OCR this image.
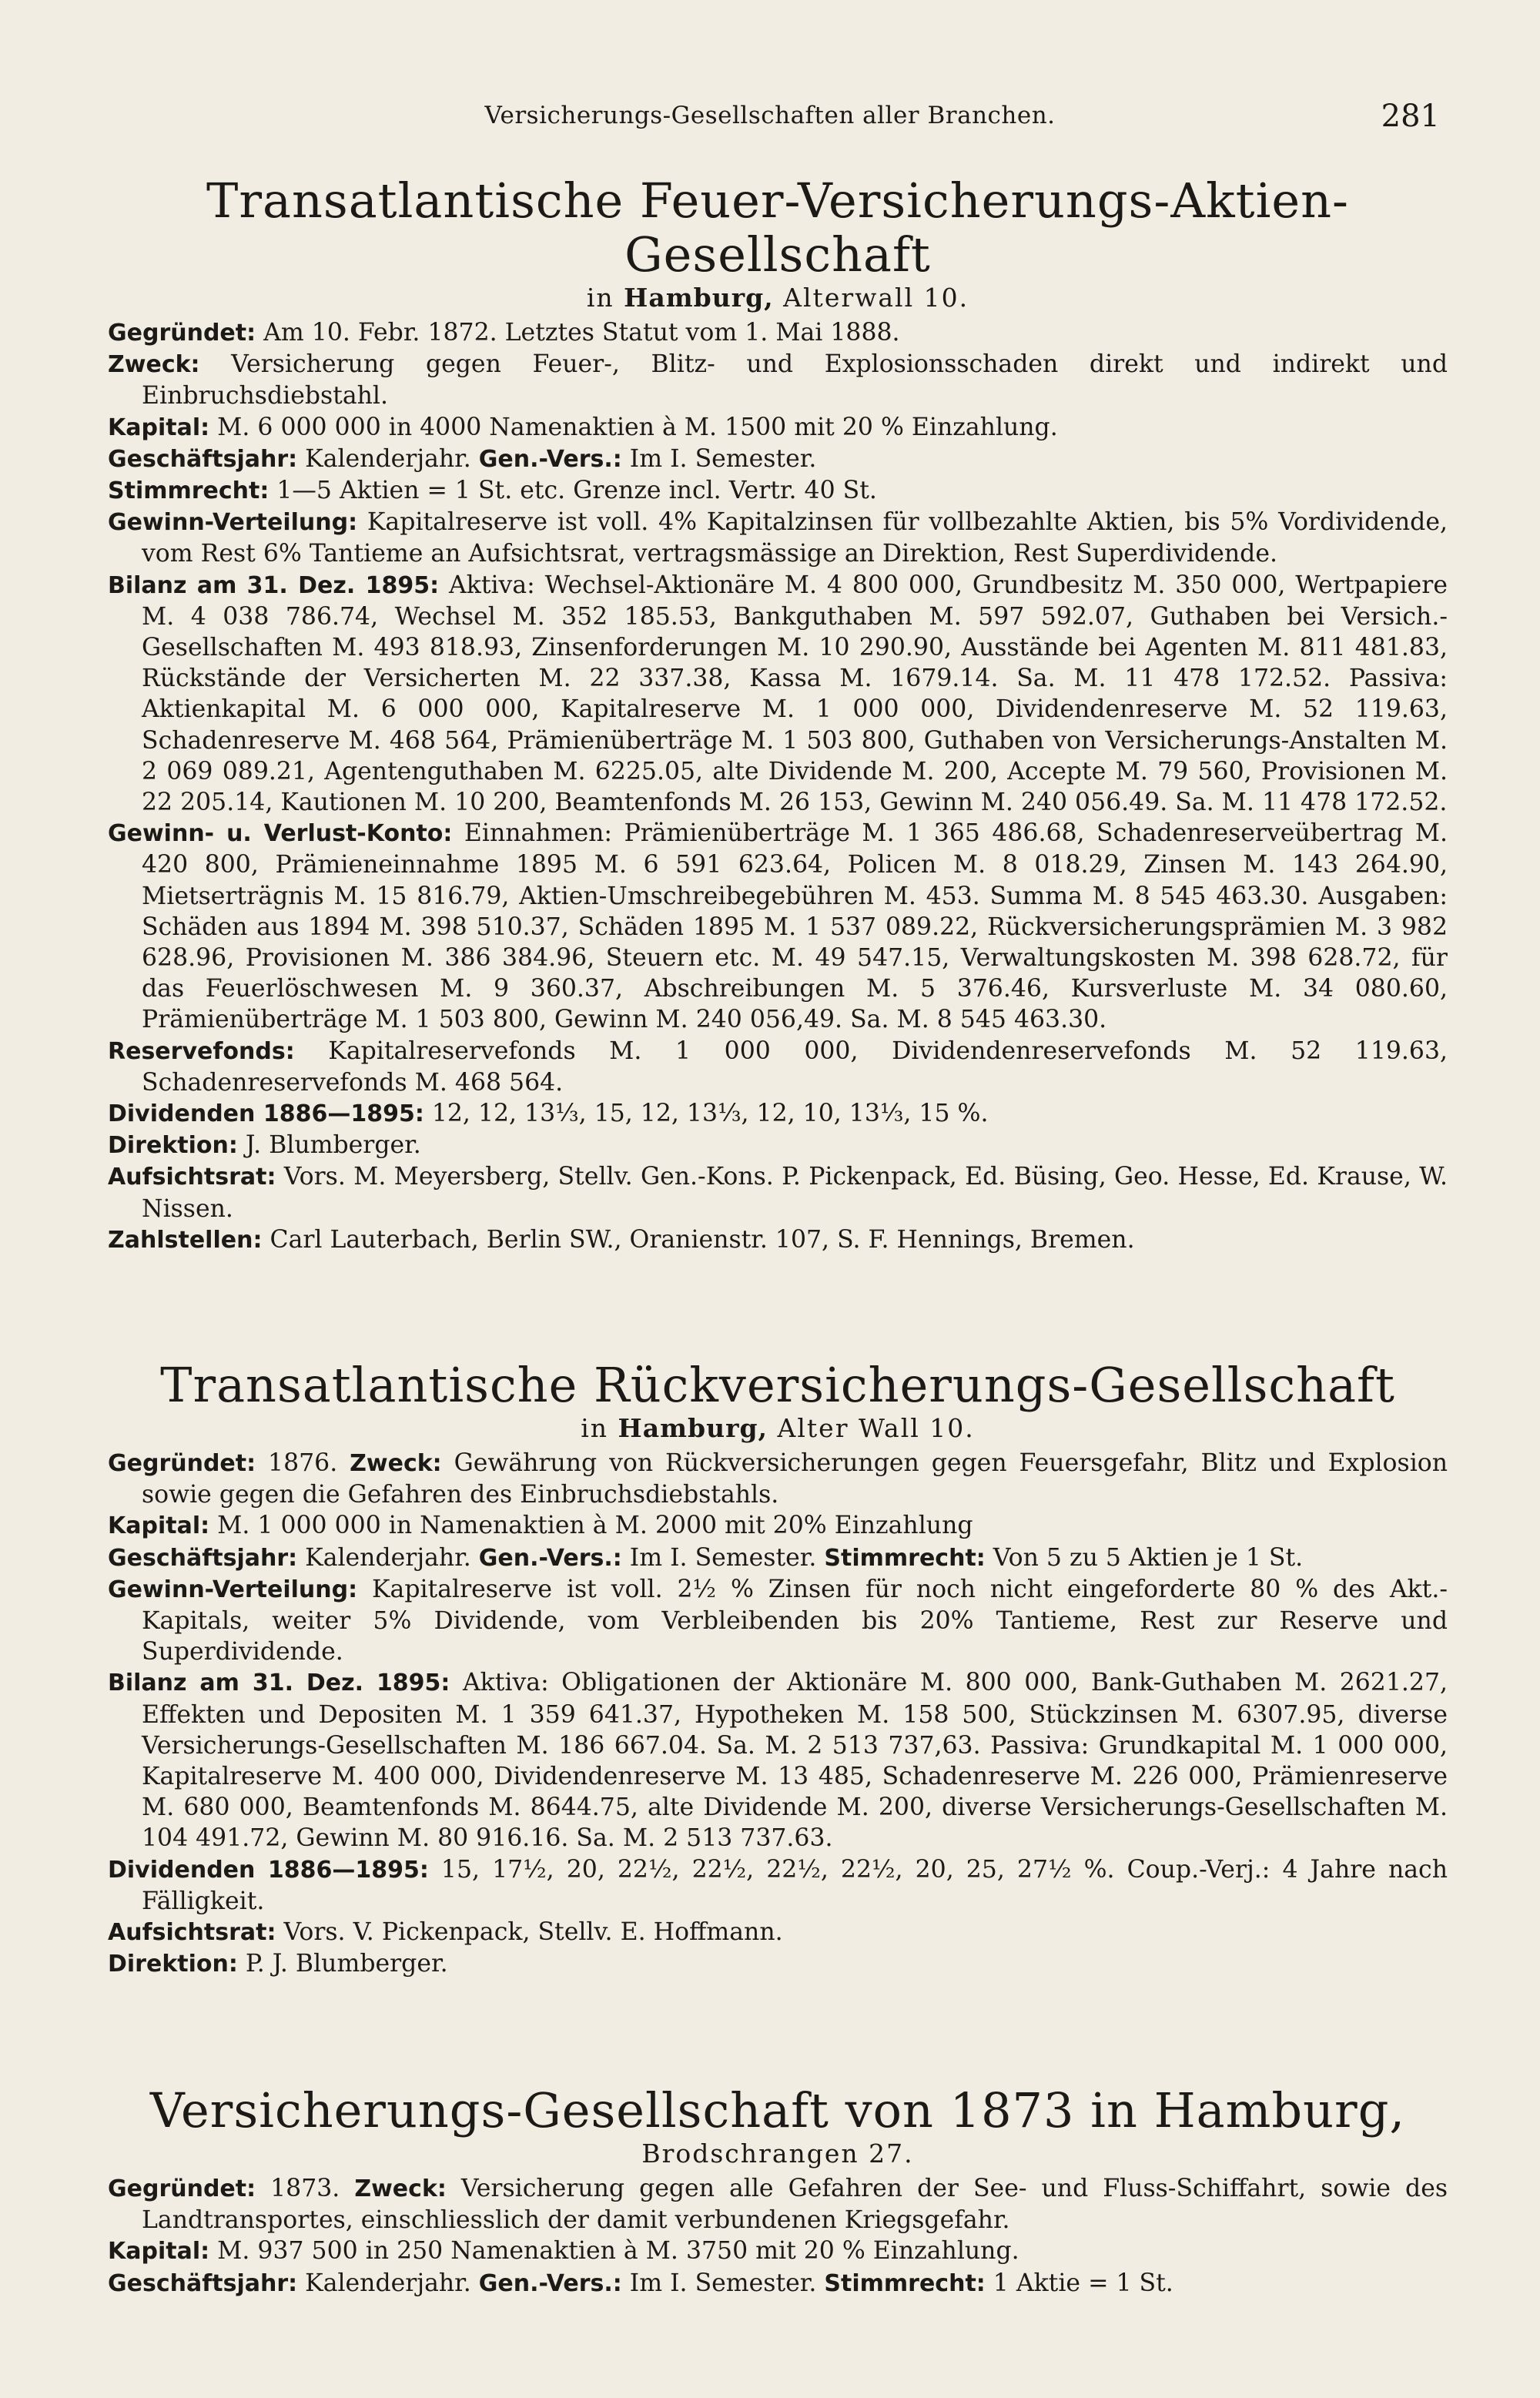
Versicherungs-Gesellschaften aller Branchen.	281
Transatlantische Feuer-Versicherungs-Aktien-Gesellschaft
in Hamburg, Alterwall 10.

Gegründet: Am 10. Febr. 1872. Letztes Statut vom 1. Mai 1888.

Zweck: Versicherung gegen Feuer-, Blitz- und Explosionsschaden direkt und indirekt und Einbruchsdiebstahl.

Kapital: M. 6 000 000 in 4000 Namenaktien à M. 1500 mit 20 % Einzahlung.

Geschäftsjahr: Kalenderjahr. Gen.-Vers.: Im I. Semester.

Stimmrecht: 1—5 Aktien = 1 St. etc. Grenze incl. Vertr. 40 St.

Gewinn-Verteilung: Kapitalreserve ist voll. 4% Kapitalzinsen für vollbezahlte Aktien, bis 5% Vordividende, vom Rest 6% Tantieme an Aufsichtsrat, vertragsmässige an Direktion, Rest Superdividende.

Bilanz am 31. Dez. 1895: Aktiva: Wechsel-Aktionäre M. 4 800 000, Grundbesitz M. 350 000, Wertpapiere M. 4 038 786.74, Wechsel M. 352 185.53, Bankguthaben M. 597 592.07, Guthaben bei Versich.-Gesellschaften M. 493 818.93, Zinsenforderungen M. 10 290.90, Ausstände bei Agenten M. 811 481.83, Rückstände der Versicherten M. 22 337.38, Kassa M. 1679.14. Sa. M. 11 478 172.52. Passiva: Aktienkapital M. 6 000 000, Kapitalreserve M. 1 000 000, Dividendenreserve M. 52 119.63, Schadenreserve M. 468 564, Prämienüberträge M. 1 503 800, Guthaben von Versicherungs-Anstalten M. 2 069 089.21, Agentenguthaben M. 6225.05, alte Dividende M. 200, Accepte M. 79 560, Provisionen M. 22 205.14, Kautionen M. 10 200, Beamtenfonds M. 26 153, Gewinn M. 240 056.49. Sa. M. 11 478 172.52.

Gewinn- u. Verlust-Konto: Einnahmen: Prämienüberträge M. 1 365 486.68, Schadenreserveübertrag M. 420 800, Prämieneinnahme 1895 M. 6 591 623.64, Policen M. 8 018.29, Zinsen M. 143 264.90, Mietserträgnis M. 15 816.79, Aktien-Umschreibegebühren M. 453. Summa M. 8 545 463.30. Ausgaben: Schäden aus 1894 M. 398 510.37, Schäden 1895 M. 1 537 089.22, Rückversicherungsprämien M. 3 982 628.96, Provisionen M. 386 384.96, Steuern etc. M. 49 547.15, Verwaltungskosten M. 398 628.72, für das Feuerlöschwesen M. 9 360.37, Abschreibungen M. 5 376.46, Kursverluste M. 34 080.60, Prämienüberträge M. 1 503 800, Gewinn M. 240 056,49. Sa. M. 8 545 463.30.

Reservefonds: Kapitalreservefonds M. 1 000 000, Dividendenreservefonds M. 52 119.63, Schadenreservefonds M. 468 564.

Dividenden 1886—1895: 12, 12, 13⅓, 15, 12, 13⅓, 12, 10, 13⅓, 15 %.

Direktion: J. Blumberger.

Aufsichtsrat: Vors. M. Meyersberg, Stellv. Gen.-Kons. P. Pickenpack, Ed. Büsing, Geo. Hesse, Ed. Krause, W. Nissen.

Zahlstellen: Carl Lauterbach, Berlin SW., Oranienstr. 107, S. F. Hennings, Bremen.

Transatlantische Rückversicherungs-Gesellschaft
in Hamburg, Alter Wall 10.

Gegründet: 1876. Zweck: Gewährung von Rückversicherungen gegen Feuersgefahr, Blitz und Explosion sowie gegen die Gefahren des Einbruchsdiebstahls.

Kapital: M. 1 000 000 in Namenaktien à M. 2000 mit 20% Einzahlung

Geschäftsjahr: Kalenderjahr. Gen.-Vers.: Im I. Semester. Stimmrecht: Von 5 zu 5 Aktien je 1 St.

Gewinn-Verteilung: Kapitalreserve ist voll. 2½ % Zinsen für noch nicht eingeforderte 80 % des Akt.-Kapitals, weiter 5% Dividende, vom Verbleibenden bis 20% Tantieme, Rest zur Reserve und Superdividende.

Bilanz am 31. Dez. 1895: Aktiva: Obligationen der Aktionäre M. 800 000, Bank-Guthaben M. 2621.27, Effekten und Depositen M. 1 359 641.37, Hypotheken M. 158 500, Stückzinsen M. 6307.95, diverse Versicherungs-Gesellschaften M. 186 667.04. Sa. M. 2 513 737,63. Passiva: Grundkapital M. 1 000 000, Kapitalreserve M. 400 000, Dividendenreserve M. 13 485, Schadenreserve M. 226 000, Prämienreserve M. 680 000, Beamtenfonds M. 8644.75, alte Dividende M. 200, diverse Versicherungs-Gesellschaften M. 104 491.72, Gewinn M. 80 916.16. Sa. M. 2 513 737.63.

Dividenden 1886—1895: 15, 17½, 20, 22½, 22½, 22½, 22½, 20, 25, 27½ %. Coup.-Verj.: 4 Jahre nach Fälligkeit.

Aufsichtsrat: Vors. V. Pickenpack, Stellv. E. Hoffmann.

Direktion: P. J. Blumberger.

Versicherungs-Gesellschaft von 1873 in Hamburg,
Brodschrangen 27.

Gegründet: 1873. Zweck: Versicherung gegen alle Gefahren der See- und Fluss-Schiffahrt, sowie des Landtransportes, einschliesslich der damit verbundenen Kriegsgefahr.

Kapital: M. 937 500 in 250 Namenaktien à M. 3750 mit 20 % Einzahlung.

Geschäftsjahr: Kalenderjahr. Gen.-Vers.: Im I. Semester. Stimmrecht: 1 Aktie = 1 St.
